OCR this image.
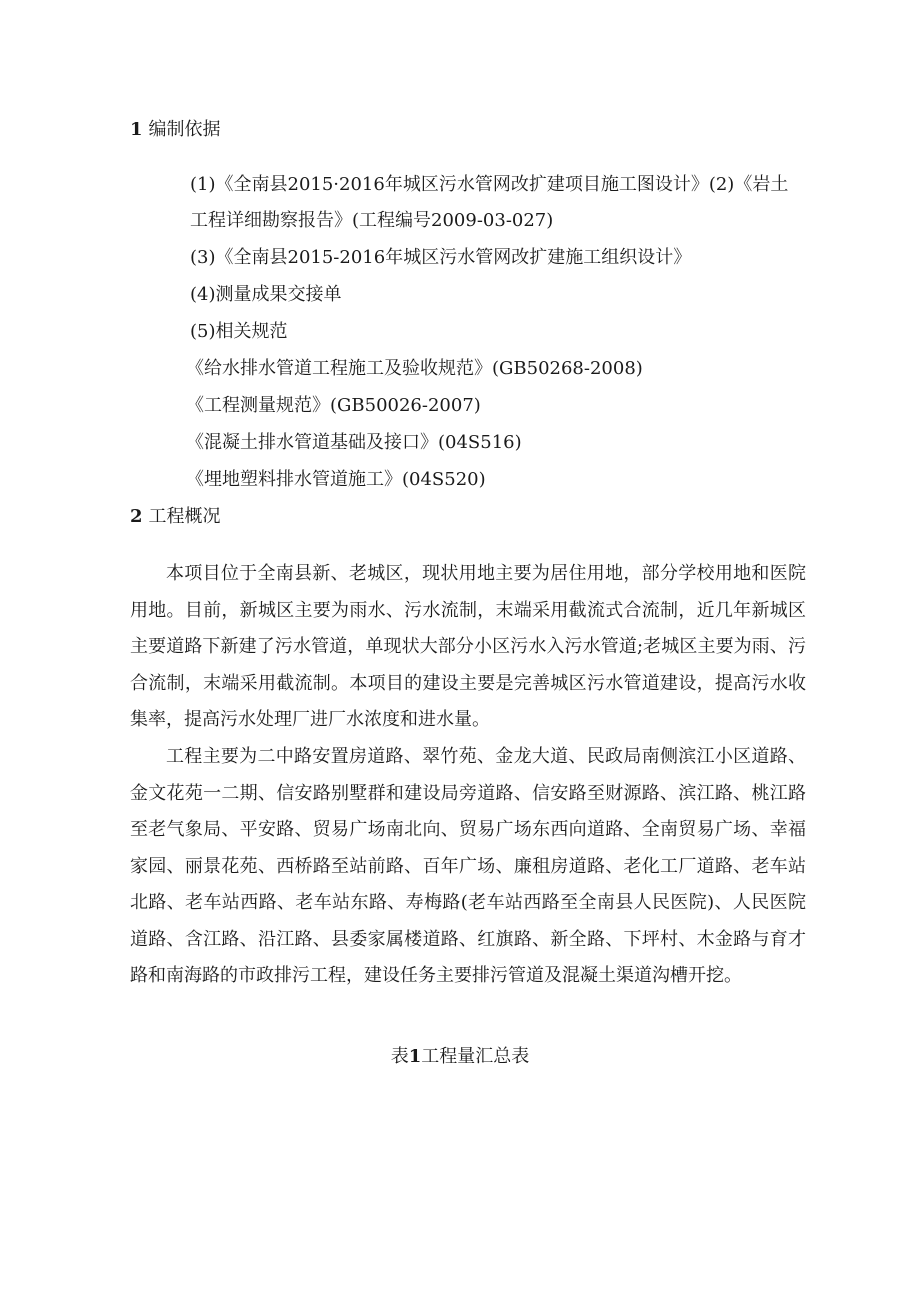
1 编制依据
(1)《全南县2015·2016年城区污水管网改扩建项目施工图设计》(2)《岩土
工程详细勘察报告》(工程编号2009-03-027)
(3)《全南县2015-2016年城区污水管网改扩建施工组织设计》
(4)测量成果交接单
(5)相关规范
《给水排水管道工程施工及验收规范》(GB50268-2008)
《工程测量规范》(GB50026-2007)
《混凝土排水管道基础及接口》(04S516)
《埋地塑料排水管道施工》(04S520)
2 工程概况

本项目位于全南县新、老城区，现状用地主要为居住用地，部分学校用地和医院用地。目前，新城区主要为雨水、污水流制，末端采用截流式合流制，近几年新城区主要道路下新建了污水管道，单现状大部分小区污水入污水管道;老城区主要为雨、污合流制，末端采用截流制。本项目的建设主要是完善城区污水管道建设，提高污水收集率，提高污水处理厂进厂水浓度和进水量。

工程主要为二中路安置房道路、翠竹苑、金龙大道、民政局南侧滨江小区道路、金文花苑一二期、信安路别墅群和建设局旁道路、信安路至财源路、滨江路、桃江路至老气象局、平安路、贸易广场南北向、贸易广场东西向道路、全南贸易广场、幸福家园、丽景花苑、西桥路至站前路、百年广场、廉租房道路、老化工厂道路、老车站北路、老车站西路、老车站东路、寿梅路(老车站西路至全南县人民医院)、人民医院道路、含江路、沿江路、县委家属楼道路、红旗路、新全路、下坪村、木金路与育才路和南海路的市政排污工程，建设任务主要排污管道及混凝土渠道沟槽开挖。

表1工程量汇总表
